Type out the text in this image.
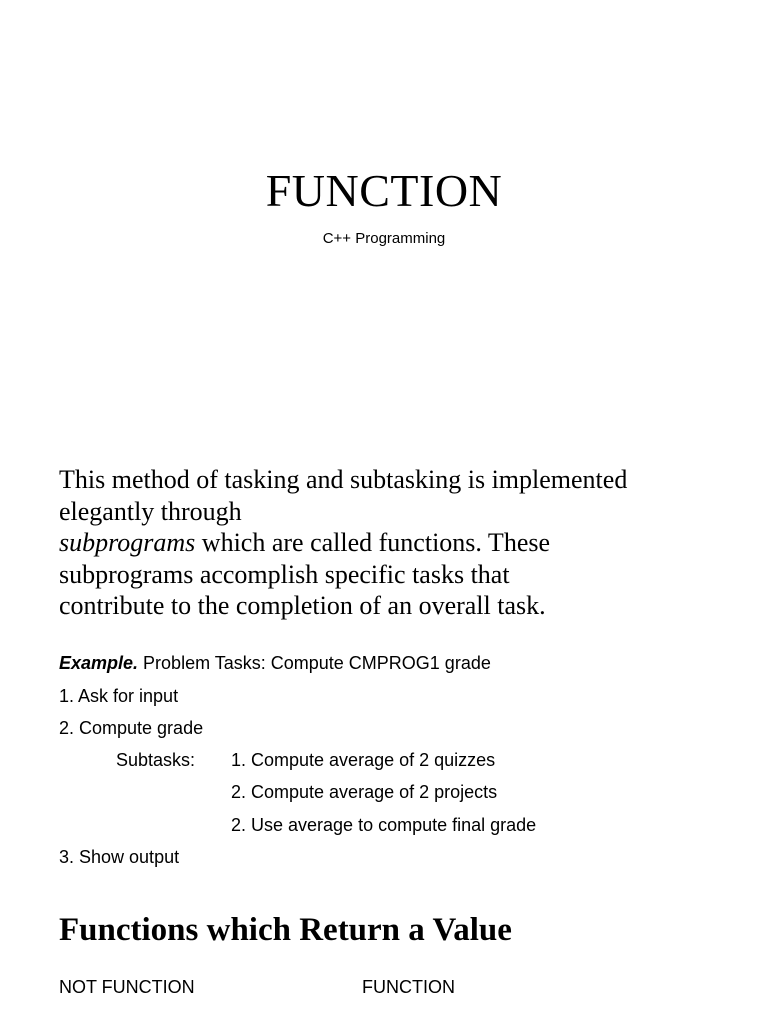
FUNCTION
C++ Programming
This method of tasking and subtasking is implemented
elegantly through
subprograms which are called functions. These
subprograms accomplish specific tasks that
contribute to the completion of an overall task.
Example. Problem Tasks: Compute CMPROG1 grade
1. Ask for input
2. Compute grade
Subtasks: 1. Compute average of 2 quizzes
2. Compute average of 2 projects
2. Use average to compute final grade
3. Show output
Functions which Return a Value
NOT FUNCTION	FUNCTION
